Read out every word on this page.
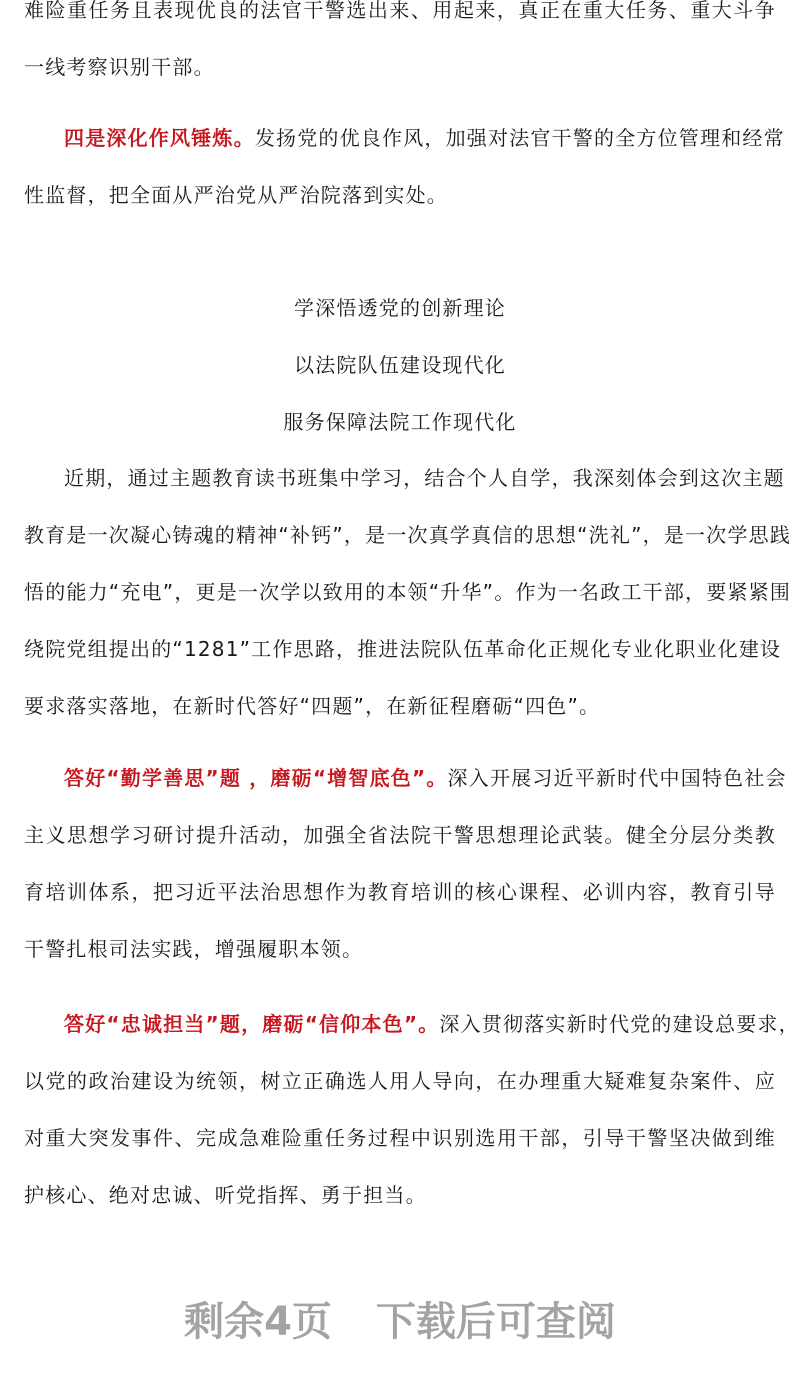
​
难险重任务且表现优良的法官干警选出来、用起来，真正在重大任务、重大斗争
一线考察识别干部。
四是深化作风锤炼。发扬党的优良作风，加强对法官干警的全方位管理和经常
性监督，把全面从严治党从严治院落到实处。
学深悟透党的创新理论
以法院队伍建设现代化
服务保障法院工作现代化
近期，通过主题教育读书班集中学习，结合个人自学，我深刻体会到这次主题
教育是一次凝心铸魂的精神“补钙”，是一次真学真信的思想“洗礼”，是一次学思践
悟的能力“充电”，更是一次学以致用的本领“升华”。作为一名政工干部，要紧紧围
绕院党组提出的“1281”工作思路，推进法院队伍革命化正规化专业化职业化建设
要求落实落地，在新时代答好“四题”，在新征程磨砺“四色”。
答好“勤学善思”题 ，磨砺“增智底色”。深入开展习近平新时代中国特色社会
主义思想学习研讨提升活动，加强全省法院干警思想理论武装。健全分层分类教
育培训体系，把习近平法治思想作为教育培训的核心课程、必训内容，教育引导
干警扎根司法实践，增强履职本领。
答好“忠诚担当”题，磨砺“信仰本色”。深入贯彻落实新时代党的建设总要求，
以党的政治建设为统领，树立正确选人用人导向，在办理重大疑难复杂案件、应
对重大突发事件、完成急难险重任务过程中识别选用干部，引导干警坚决做到维
护核心、绝对忠诚、听党指挥、勇于担当。
剩余4页 下载后可查阅
